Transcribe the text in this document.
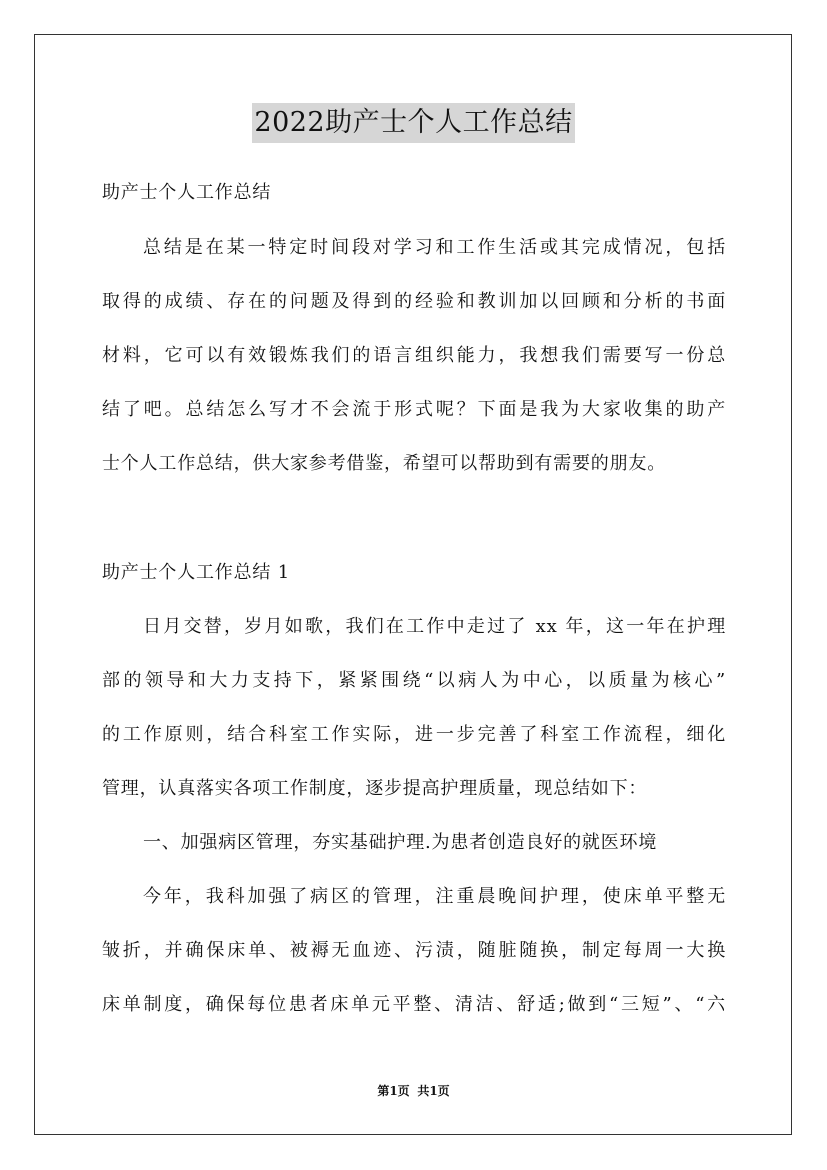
2022助产士个人工作总结
助产士个人工作总结
总结是在某一特定时间段对学习和工作生活或其完成情况，包括
取得的成绩、存在的问题及得到的经验和教训加以回顾和分析的书面
材料，它可以有效锻炼我们的语言组织能力，我想我们需要写一份总
结了吧。总结怎么写才不会流于形式呢？下面是我为大家收集的助产
士个人工作总结，供大家参考借鉴，希望可以帮助到有需要的朋友。
助产士个人工作总结 1
日月交替，岁月如歌，我们在工作中走过了 xx 年，这一年在护理
部的领导和大力支持下，紧紧围绕“以病人为中心，以质量为核心”
的工作原则，结合科室工作实际，进一步完善了科室工作流程，细化
管理，认真落实各项工作制度，逐步提高护理质量，现总结如下：
一、加强病区管理，夯实基础护理.为患者创造良好的就医环境
今年，我科加强了病区的管理，注重晨晚间护理，使床单平整无
皱折，并确保床单、被褥无血迹、污渍，随脏随换，制定每周一大换
床单制度，确保每位患者床单元平整、清洁、舒适;做到“三短”、“六
第1页 共1页
